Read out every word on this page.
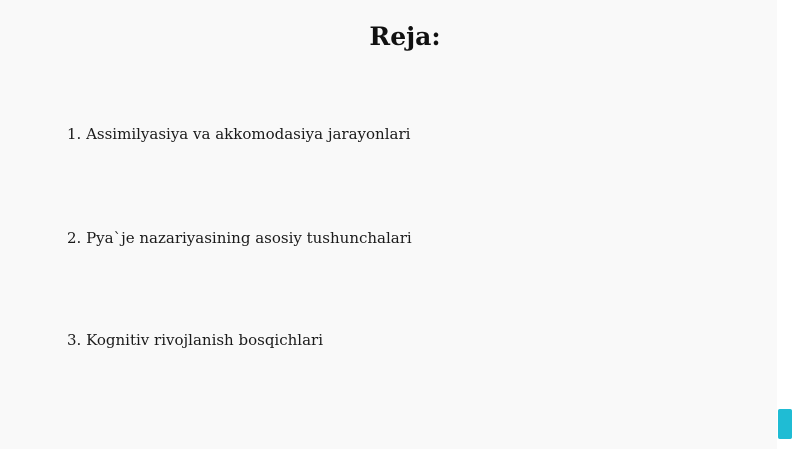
Reja:

1. Assimilyasiya va akkomodasiya jarayonlari

2. Pya`je nazariyasining asosiy tushunchalari

3. Kognitiv rivojlanish bosqichlari
